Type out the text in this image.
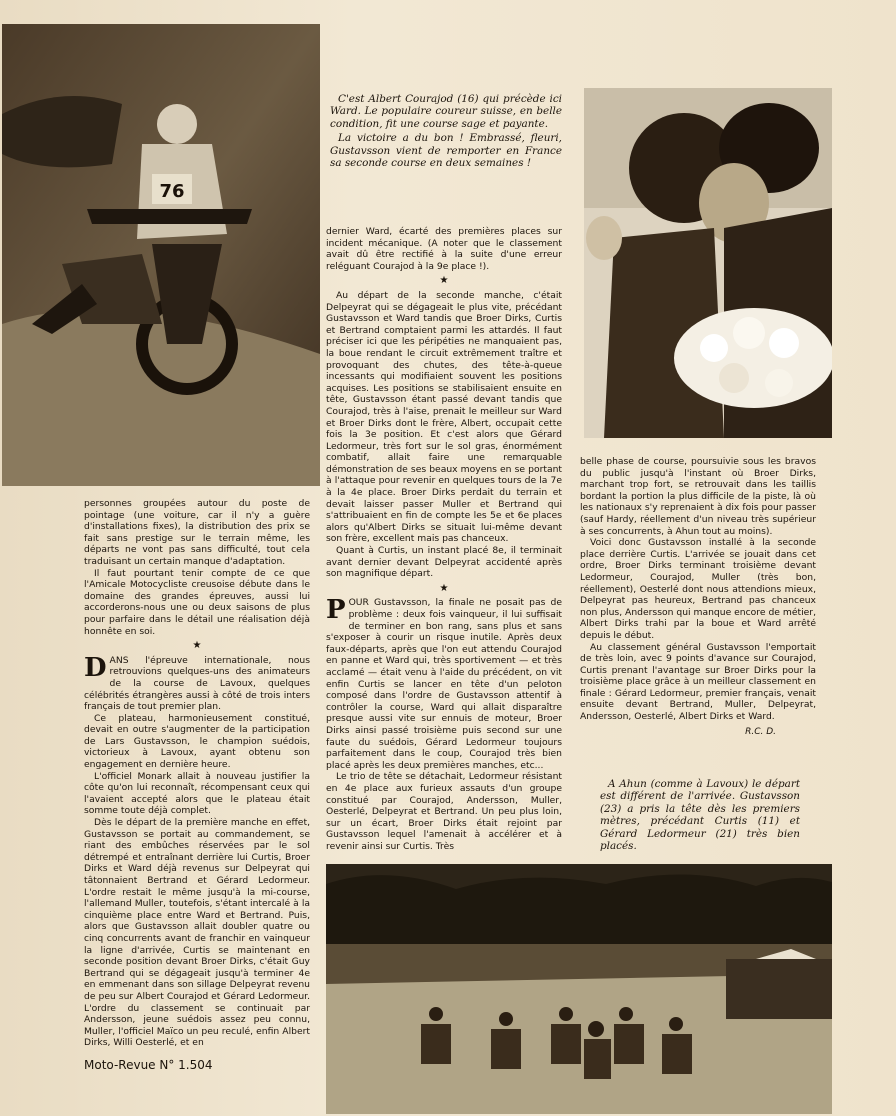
76

C'est Albert Courajod (16) qui précède ici Ward. Le populaire coureur suisse, en belle condition, fit une course sage et payante.

La victoire a du bon ! Embrassé, fleuri, Gustavsson vient de remporter en France sa seconde course en deux semaines !

personnes groupées autour du poste de pointage (une voiture, car il n'y a guère d'installations fixes), la distribution des prix se fait sans prestige sur le terrain même, les départs ne vont pas sans difficulté, tout cela traduisant un certain manque d'adaptation.

Il faut pourtant tenir compte de ce que l'Amicale Motocycliste creusoise débute dans le domaine des grandes épreuves, aussi lui accorderons-nous une ou deux saisons de plus pour parfaire dans le détail une réalisation déjà honnête en soi.

★

DANS l'épreuve internationale, nous retrouvions quelques-uns des animateurs de la course de Lavoux, quelques célébrités étrangères aussi à côté de trois inters français de tout premier plan.

Ce plateau, harmonieusement constitué, devait en outre s'augmenter de la participation de Lars Gustavsson, le champion suédois, victorieux à Lavoux, ayant obtenu son engagement en dernière heure.

L'officiel Monark allait à nouveau justifier la côte qu'on lui reconnaît, récompensant ceux qui l'avaient accepté alors que le plateau était somme toute déjà complet.

Dès le départ de la première manche en effet, Gustavsson se portait au commandement, se riant des embûches réservées par le sol détrempé et entraînant derrière lui Curtis, Broer Dirks et Ward déjà revenus sur Delpeyrat qui tâtonnaient Bertrand et Gérard Ledormeur. L'ordre restait le même jusqu'à la mi-course, l'allemand Muller, toutefois, s'étant intercalé à la cinquième place entre Ward et Bertrand. Puis, alors que Gustavsson allait doubler quatre ou cinq concurrents avant de franchir en vainqueur la ligne d'arrivée, Curtis se maintenant en seconde position devant Broer Dirks, c'était Guy Bertrand qui se dégageait jusqu'à terminer 4e en emmenant dans son sillage Delpeyrat revenu de peu sur Albert Courajod et Gérard Ledormeur. L'ordre du classement se continuait par Andersson, jeune suédois assez peu connu, Muller, l'officiel Maïco un peu reculé, enfin Albert Dirks, Willi Oesterlé, et en

dernier Ward, écarté des premières places sur incident mécanique. (A noter que le classement avait dû être rectifié à la suite d'une erreur reléguant Courajod à la 9e place !).

★

Au départ de la seconde manche, c'était Delpeyrat qui se dégageait le plus vite, précédant Gustavsson et Ward tandis que Broer Dirks, Curtis et Bertrand comptaient parmi les attardés. Il faut préciser ici que les péripéties ne manquaient pas, la boue rendant le circuit extrêmement traître et provoquant des chutes, des tête-à-queue incessants qui modifiaient souvent les positions acquises. Les positions se stabilisaient ensuite en tête, Gustavsson étant passé devant tandis que Courajod, très à l'aise, prenait le meilleur sur Ward et Broer Dirks dont le frère, Albert, occupait cette fois la 3e position. Et c'est alors que Gérard Ledormeur, très fort sur le sol gras, énormément combatif, allait faire une remarquable démonstration de ses beaux moyens en se portant à l'attaque pour revenir en quelques tours de la 7e à la 4e place. Broer Dirks perdait du terrain et devait laisser passer Muller et Bertrand qui s'attribuaient en fin de compte les 5e et 6e places alors qu'Albert Dirks se situait lui-même devant son frère, excellent mais pas chanceux.

Quant à Curtis, un instant placé 8e, il terminait avant dernier devant Delpeyrat accidenté après son magnifique départ.

★

POUR Gustavsson, la finale ne posait pas de problème : deux fois vainqueur, il lui suffisait de terminer en bon rang, sans plus et sans s'exposer à courir un risque inutile. Après deux faux-départs, après que l'on eut attendu Courajod en panne et Ward qui, très sportivement — et très acclamé — était venu à l'aide du précédent, on vit enfin Curtis se lancer en tête d'un peloton composé dans l'ordre de Gustavsson attentif à contrôler la course, Ward qui allait disparaître presque aussi vite sur ennuis de moteur, Broer Dirks ainsi passé troisième puis second sur une faute du suédois, Gérard Ledormeur toujours parfaitement dans le coup, Courajod très bien placé après les deux premières manches, etc...

Le trio de tête se détachait, Ledormeur résistant en 4e place aux furieux assauts d'un groupe constitué par Courajod, Andersson, Muller, Oesterlé, Delpeyrat et Bertrand. Un peu plus loin, sur un écart, Broer Dirks était rejoint par Gustavsson lequel l'amenait à accélérer et à revenir ainsi sur Curtis. Très

belle phase de course, poursuivie sous les bravos du public jusqu'à l'instant où Broer Dirks, marchant trop fort, se retrouvait dans les taillis bordant la portion la plus difficile de la piste, là où les nationaux s'y reprenaient à dix fois pour passer (sauf Hardy, réellement d'un niveau très supérieur à ses concurrents, à Ahun tout au moins).

Voici donc Gustavsson installé à la seconde place derrière Curtis. L'arrivée se jouait dans cet ordre, Broer Dirks terminant troisième devant Ledormeur, Courajod, Muller (très bon, réellement), Oesterlé dont nous attendions mieux, Delpeyrat pas heureux, Bertrand pas chanceux non plus, Andersson qui manque encore de métier, Albert Dirks trahi par la boue et Ward arrêté depuis le début.

Au classement général Gustavsson l'emportait de très loin, avec 9 points d'avance sur Courajod, Curtis prenant l'avantage sur Broer Dirks pour la troisième place grâce à un meilleur classement en finale : Gérard Ledormeur, premier français, venait ensuite devant Bertrand, Muller, Delpeyrat, Andersson, Oesterlé, Albert Dirks et Ward.

R.C. D.

A Ahun (comme à Lavoux) le départ est différent de l'arrivée. Gustavsson (23) a pris la tête dès les premiers mètres, précédant Curtis (11) et Gérard Ledormeur (21) très bien placés.

Moto-Revue N° 1.504
